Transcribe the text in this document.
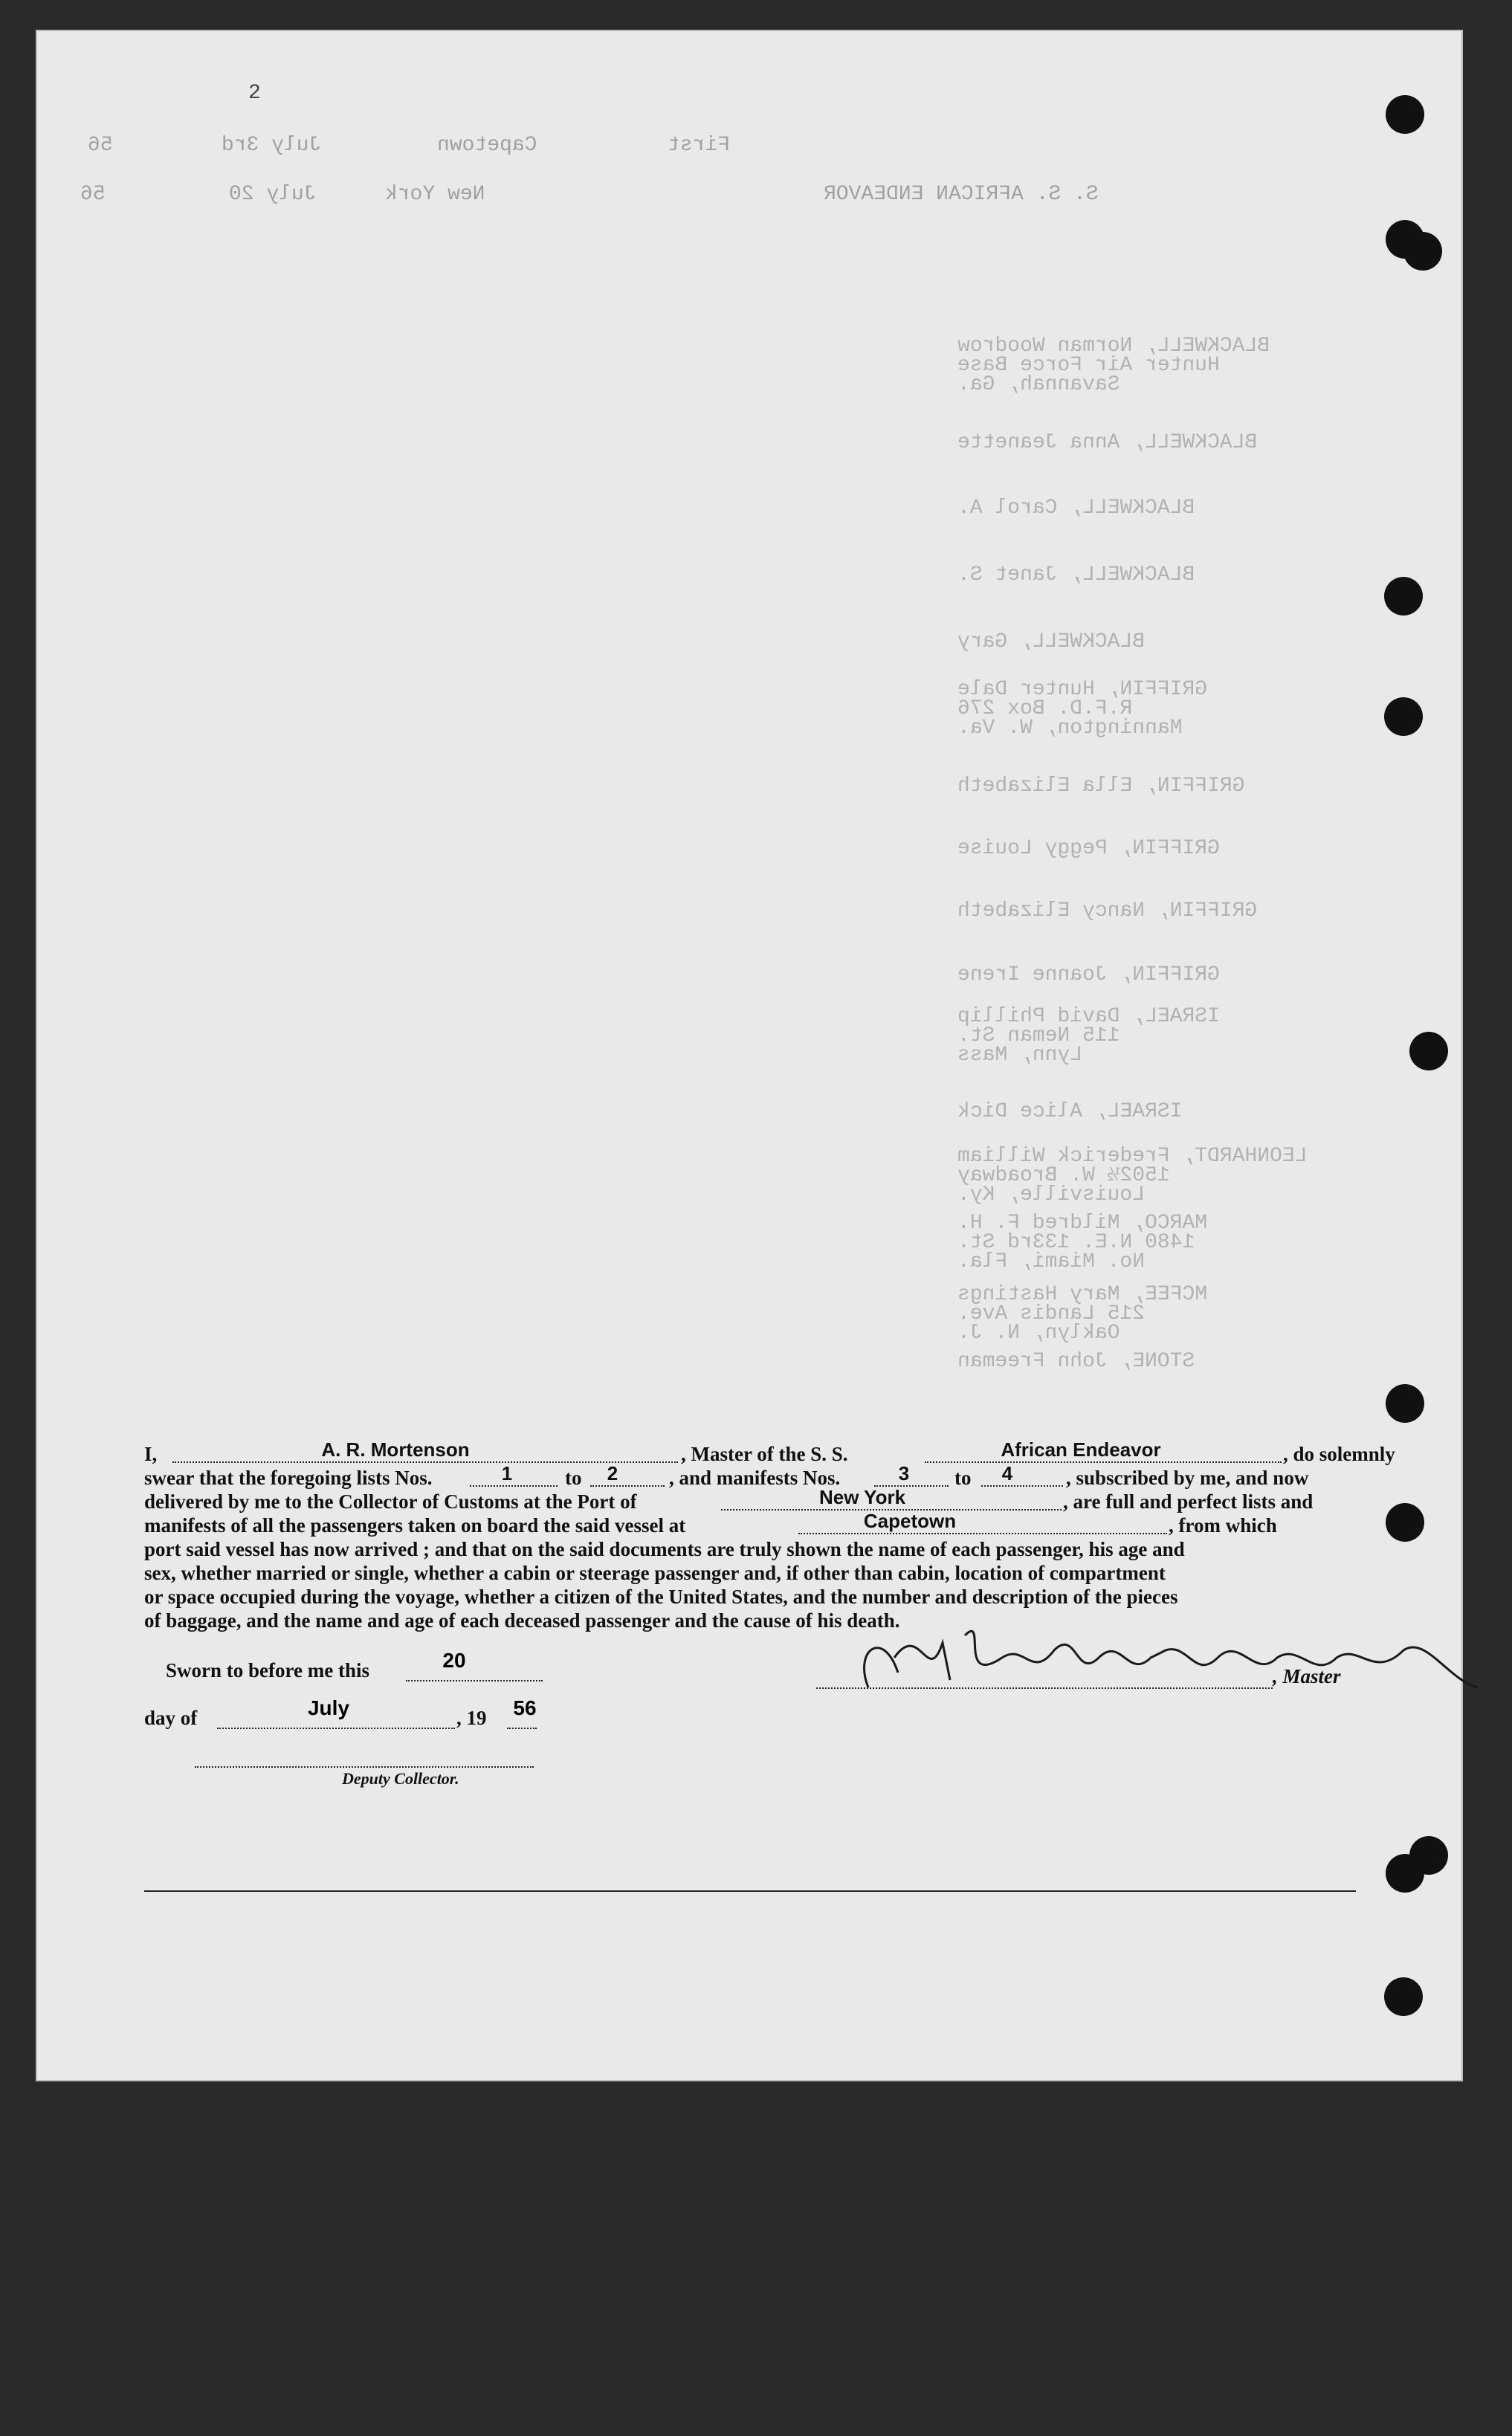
2
56	July 3rd	Capetown	First
56	July 20	New York	S. S. AFRICAN ENDEAVOR
BLACKWELL, Norman Woodrow
Hunter Air Force Base
Savannah, Ga.
BLACKWELL, Anna Jeanette
BLACKWELL, Carol A.
BLACKWELL, Janet S.
BLACKWELL, Gary
GRIFFIN, Hunter Dale
R.F.D. Box 276
Mannington, W. Va.
GRIFFIN, Ella Elizabeth
GRIFFIN, Peggy Louise
GRIFFIN, Nancy Elizabeth
GRIFFIN, Joanne Irene
ISRAEL, David Phillip
115 Neman St.
Lynn, Mass
ISRAEL, Alice Dick
LEONHARDT, Frederick William
1502½ W. Broadway
Louisville, Ky.
MARCO, Mildred F. H.
1480 N.E. 133rd St.
No. Miami, Fla.
MCFEE, Mary Hastings
215 Landis Ave.
Oaklyn, N. J.
STONE, John Freeman
I,	A. R. Mortenson	, Master of the S. S.	African Endeavor	, do solemnly
swear that the foregoing lists Nos.	1	to	2	, and manifests Nos.	3	to	4	, subscribed by me, and now
delivered by me to the Collector of Customs at the Port of	New York	, are full and perfect lists and
manifests of all the passengers taken on board the said vessel at	Capetown	, from which
port said vessel has now arrived ; and that on the said documents are truly shown the name of each passenger, his age and
sex, whether married or single, whether a cabin or steerage passenger and, if other than cabin, location of compartment
or space occupied during the voyage, whether a citizen of the United States, and the number and description of the pieces
of baggage, and the name and age of each deceased passenger and the cause of his death.
, Master
Sworn to before me this	20
day of	July	, 19	56
Deputy Collector.
